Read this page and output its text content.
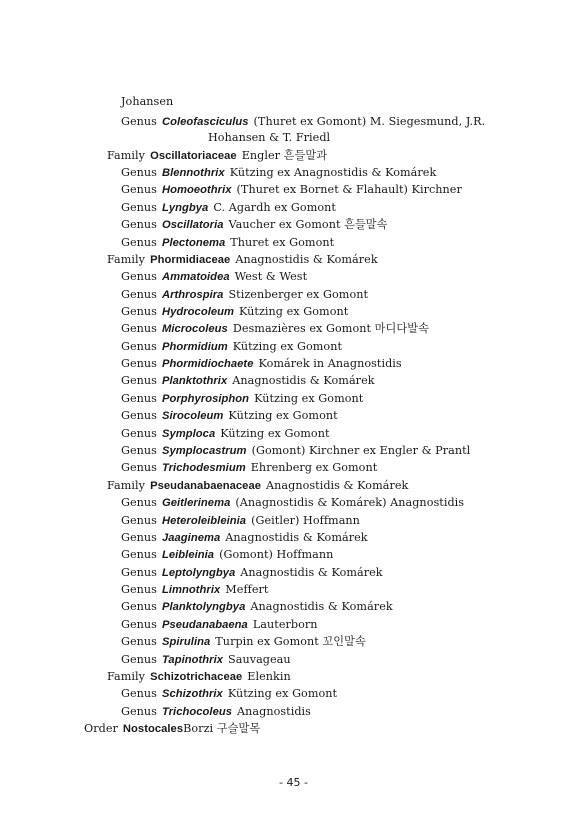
Johansen
Genus Coleofasciculus (Thuret ex Gomont) M. Siegesmund, J.R.
Hohansen & T. Friedl
Family Oscillatoriaceae Engler 흔들말과
Genus Blennothrix Kützing ex Anagnostidis & Komárek
Genus Homoeothrix (Thuret ex Bornet & Flahault) Kirchner
Genus Lyngbya C. Agardh ex Gomont
Genus Oscillatoria Vaucher ex Gomont 흔들말속
Genus Plectonema Thuret ex Gomont
Family Phormidiaceae Anagnostidis & Komárek
Genus Ammatoidea West & West
Genus Arthrospira Stizenberger ex Gomont
Genus Hydrocoleum Kützing ex Gomont
Genus Microcoleus Desmazières ex Gomont 마디다발속
Genus Phormidium Kützing ex Gomont
Genus Phormidiochaete Komárek in Anagnostidis
Genus Planktothrix Anagnostidis & Komárek
Genus Porphyrosiphon Kützing ex Gomont
Genus Sirocoleum Kützing ex Gomont
Genus Symploca Kützing ex Gomont
Genus Symplocastrum (Gomont) Kirchner ex Engler & Prantl
Genus Trichodesmium Ehrenberg ex Gomont
Family Pseudanabaenaceae Anagnostidis & Komárek
Genus Geitlerinema (Anagnostidis & Komárek) Anagnostidis
Genus Heteroleibleinia (Geitler) Hoffmann
Genus Jaaginema Anagnostidis & Komárek
Genus Leibleinia (Gomont) Hoffmann
Genus Leptolyngbya Anagnostidis & Komárek
Genus Limnothrix Meffert
Genus Planktolyngbya Anagnostidis & Komárek
Genus Pseudanabaena Lauterborn
Genus Spirulina Turpin ex Gomont 꼬인말속
Genus Tapinothrix Sauvageau
Family Schizotrichaceae Elenkin
Genus Schizothrix Kützing ex Gomont
Genus Trichocoleus Anagnostidis
Order NostocalesBorzi 구슬말목
- 45 -
